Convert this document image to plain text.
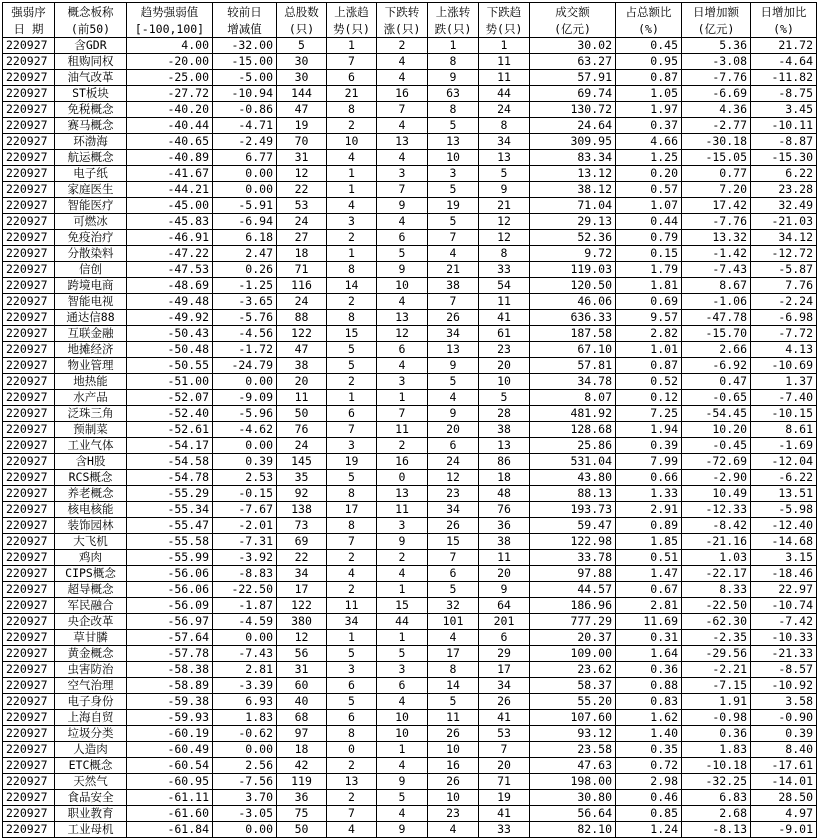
强弱序	概念板称	趋势强弱值	较前日	总股数	上涨趋	下跌转	上涨转	下跌趋	成交额	占总额比	日增加额	日增加比
日 期	(前50)	[-100,100]	增减值	(只)	势(只)	涨(只)	跌(只)	势(只)	(亿元)	(%)	(亿元)	(%)
220927	含GDR	4.00	-32.00	5	1	2	1	1	30.02	0.45	5.36	21.72
220927	租购同权	-20.00	-15.00	30	7	4	8	11	63.27	0.95	-3.08	-4.64
220927	油气改革	-25.00	-5.00	30	6	4	9	11	57.91	0.87	-7.76	-11.82
220927	ST板块	-27.72	-10.94	144	21	16	63	44	69.74	1.05	-6.69	-8.75
220927	免税概念	-40.20	-0.86	47	8	7	8	24	130.72	1.97	4.36	3.45
220927	赛马概念	-40.44	-4.71	19	2	4	5	8	24.64	0.37	-2.77	-10.11
220927	环渤海	-40.65	-2.49	70	10	13	13	34	309.95	4.66	-30.18	-8.87
220927	航运概念	-40.89	6.77	31	4	4	10	13	83.34	1.25	-15.05	-15.30
220927	电子纸	-41.67	0.00	12	1	3	3	5	13.12	0.20	0.77	6.22
220927	家庭医生	-44.21	0.00	22	1	7	5	9	38.12	0.57	7.20	23.28
220927	智能医疗	-45.00	-5.91	53	4	9	19	21	71.04	1.07	17.42	32.49
220927	可燃冰	-45.83	-6.94	24	3	4	5	12	29.13	0.44	-7.76	-21.03
220927	免疫治疗	-46.91	6.18	27	2	6	7	12	52.36	0.79	13.32	34.12
220927	分散染料	-47.22	2.47	18	1	5	4	8	9.72	0.15	-1.42	-12.72
220927	信创	-47.53	0.26	71	8	9	21	33	119.03	1.79	-7.43	-5.87
220927	跨境电商	-48.69	-1.25	116	14	10	38	54	120.50	1.81	8.67	7.76
220927	智能电视	-49.48	-3.65	24	2	4	7	11	46.06	0.69	-1.06	-2.24
220927	通达信88	-49.92	-5.76	88	8	13	26	41	636.33	9.57	-47.78	-6.98
220927	互联金融	-50.43	-4.56	122	15	12	34	61	187.58	2.82	-15.70	-7.72
220927	地摊经济	-50.48	-1.72	47	5	6	13	23	67.10	1.01	2.66	4.13
220927	物业管理	-50.55	-24.79	38	5	4	9	20	57.81	0.87	-6.92	-10.69
220927	地热能	-51.00	0.00	20	2	3	5	10	34.78	0.52	0.47	1.37
220927	水产品	-52.07	-9.09	11	1	1	4	5	8.07	0.12	-0.65	-7.40
220927	泛珠三角	-52.40	-5.96	50	6	7	9	28	481.92	7.25	-54.45	-10.15
220927	预制菜	-52.61	-4.62	76	7	11	20	38	128.68	1.94	10.20	8.61
220927	工业气体	-54.17	0.00	24	3	2	6	13	25.86	0.39	-0.45	-1.69
220927	含H股	-54.58	0.39	145	19	16	24	86	531.04	7.99	-72.69	-12.04
220927	RCS概念	-54.78	2.53	35	5	0	12	18	43.80	0.66	-2.90	-6.22
220927	养老概念	-55.29	-0.15	92	8	13	23	48	88.13	1.33	10.49	13.51
220927	核电核能	-55.34	-7.67	138	17	11	34	76	193.73	2.91	-12.33	-5.98
220927	装饰园林	-55.47	-2.01	73	8	3	26	36	59.47	0.89	-8.42	-12.40
220927	大飞机	-55.58	-7.31	69	7	9	15	38	122.98	1.85	-21.16	-14.68
220927	鸡肉	-55.99	-3.92	22	2	2	7	11	33.78	0.51	1.03	3.15
220927	CIPS概念	-56.06	-8.83	34	4	4	6	20	97.88	1.47	-22.17	-18.46
220927	超导概念	-56.06	-22.50	17	2	1	5	9	44.57	0.67	8.33	22.97
220927	军民融合	-56.09	-1.87	122	11	15	32	64	186.96	2.81	-22.50	-10.74
220927	央企改革	-56.97	-4.59	380	34	44	101	201	777.29	11.69	-62.30	-7.42
220927	草甘膦	-57.64	0.00	12	1	1	4	6	20.37	0.31	-2.35	-10.33
220927	黄金概念	-57.78	-7.43	56	5	5	17	29	109.00	1.64	-29.56	-21.33
220927	虫害防治	-58.38	2.81	31	3	3	8	17	23.62	0.36	-2.21	-8.57
220927	空气治理	-58.89	-3.39	60	6	6	14	34	58.37	0.88	-7.15	-10.92
220927	电子身份	-59.38	6.93	40	5	4	5	26	55.20	0.83	1.91	3.58
220927	上海自贸	-59.93	1.83	68	6	10	11	41	107.60	1.62	-0.98	-0.90
220927	垃圾分类	-60.19	-0.62	97	8	10	26	53	93.12	1.40	0.36	0.39
220927	人造肉	-60.49	0.00	18	0	1	10	7	23.58	0.35	1.83	8.40
220927	ETC概念	-60.54	2.56	42	2	4	16	20	47.63	0.72	-10.18	-17.61
220927	天然气	-60.95	-7.56	119	13	9	26	71	198.00	2.98	-32.25	-14.01
220927	食品安全	-61.11	3.70	36	2	5	10	19	30.80	0.46	6.83	28.50
220927	职业教育	-61.60	-3.05	75	7	4	23	41	56.64	0.85	2.68	4.97
220927	工业母机	-61.84	0.00	50	4	9	4	33	82.10	1.24	-8.13	-9.01
